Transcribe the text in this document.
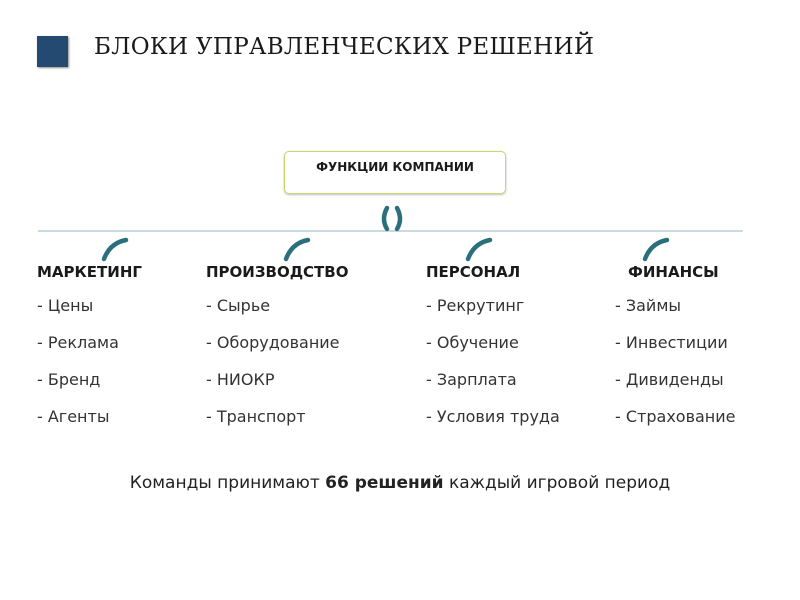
БЛОКИ УПРАВЛЕНЧЕСКИХ РЕШЕНИЙ
ФУНКЦИИ КОМПАНИИ
МАРКЕТИНГ
- Цены
- Реклама
- Бренд
- Агенты
ПРОИЗВОДСТВО
- Сырье
- Оборудование
- НИОКР
- Транспорт
ПЕРСОНАЛ
- Рекрутинг
- Обучение
- Зарплата
- Условия труда
ФИНАНСЫ
- Займы
- Инвестиции
- Дивиденды
- Страхование
Команды принимают 66 решений каждый игровой период
